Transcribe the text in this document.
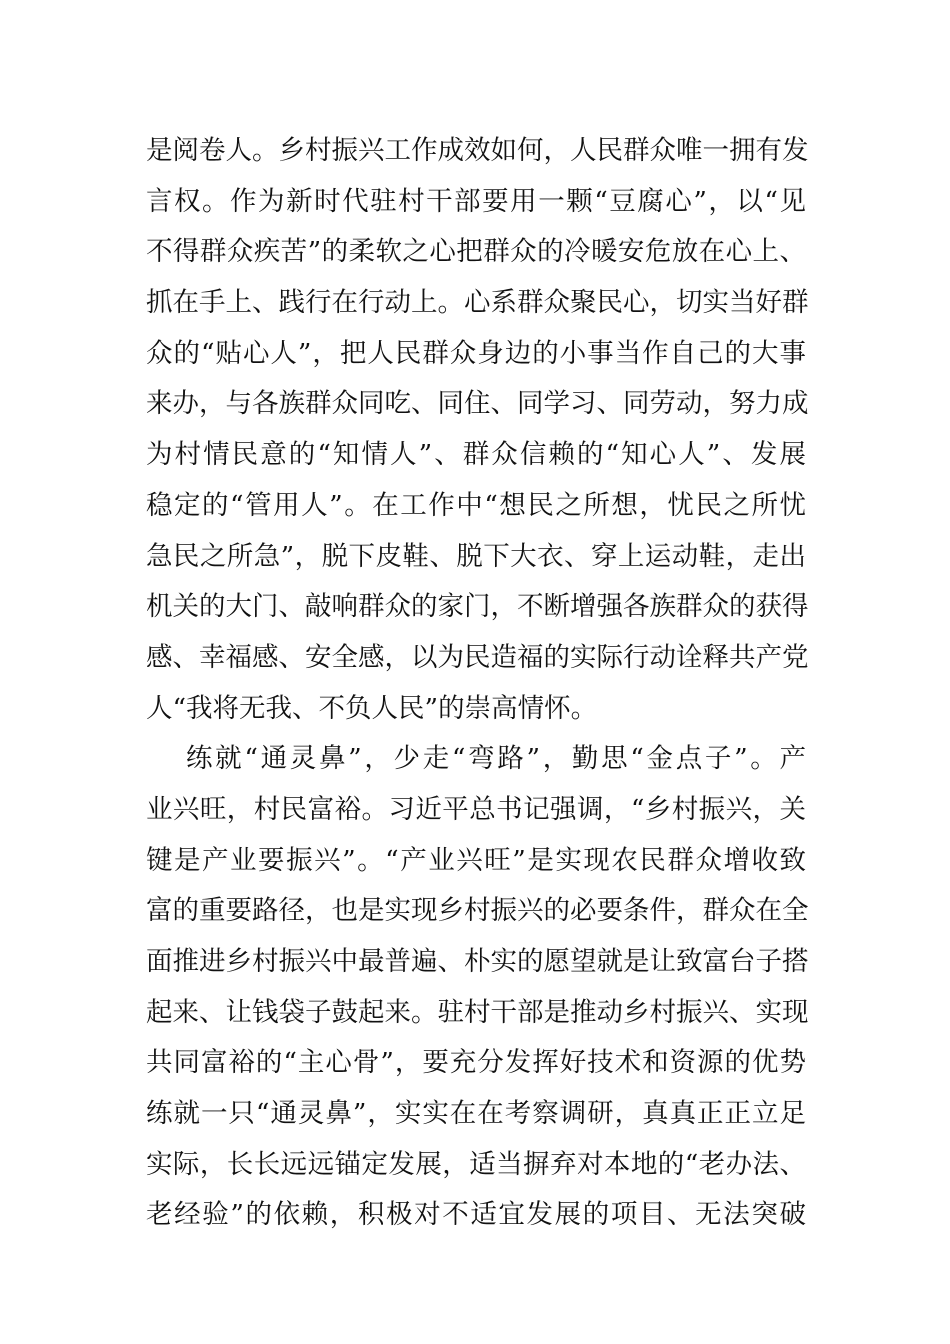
是阅卷人。乡村振兴工作成效如何，人民群众唯一拥有发
言权。作为新时代驻村干部要用一颗“豆腐心”，以“见
不得群众疾苦”的柔软之心把群众的冷暖安危放在心上、
抓在手上、践行在行动上。心系群众聚民心，切实当好群
众的“贴心人”，把人民群众身边的小事当作自己的大事
来办，与各族群众同吃、同住、同学习、同劳动，努力成
为村情民意的“知情人”、群众信赖的“知心人”、发展
稳定的“管用人”。在工作中“想民之所想，忧民之所忧
急民之所急”，脱下皮鞋、脱下大衣、穿上运动鞋，走出
机关的大门、敲响群众的家门，不断增强各族群众的获得
感、幸福感、安全感，以为民造福的实际行动诠释共产党
人“我将无我、不负人民”的崇高情怀。
练就“通灵鼻”，少走“弯路”，勤思“金点子”。产
业兴旺，村民富裕。习近平总书记强调，“乡村振兴，关
键是产业要振兴”。“产业兴旺”是实现农民群众增收致
富的重要路径，也是实现乡村振兴的必要条件，群众在全
面推进乡村振兴中最普遍、朴实的愿望就是让致富台子搭
起来、让钱袋子鼓起来。驻村干部是推动乡村振兴、实现
共同富裕的“主心骨”，要充分发挥好技术和资源的优势
练就一只“通灵鼻”，实实在在考察调研，真真正正立足
实际，长长远远锚定发展，适当摒弃对本地的“老办法、
老经验”的依赖，积极对不适宜发展的项目、无法突破
